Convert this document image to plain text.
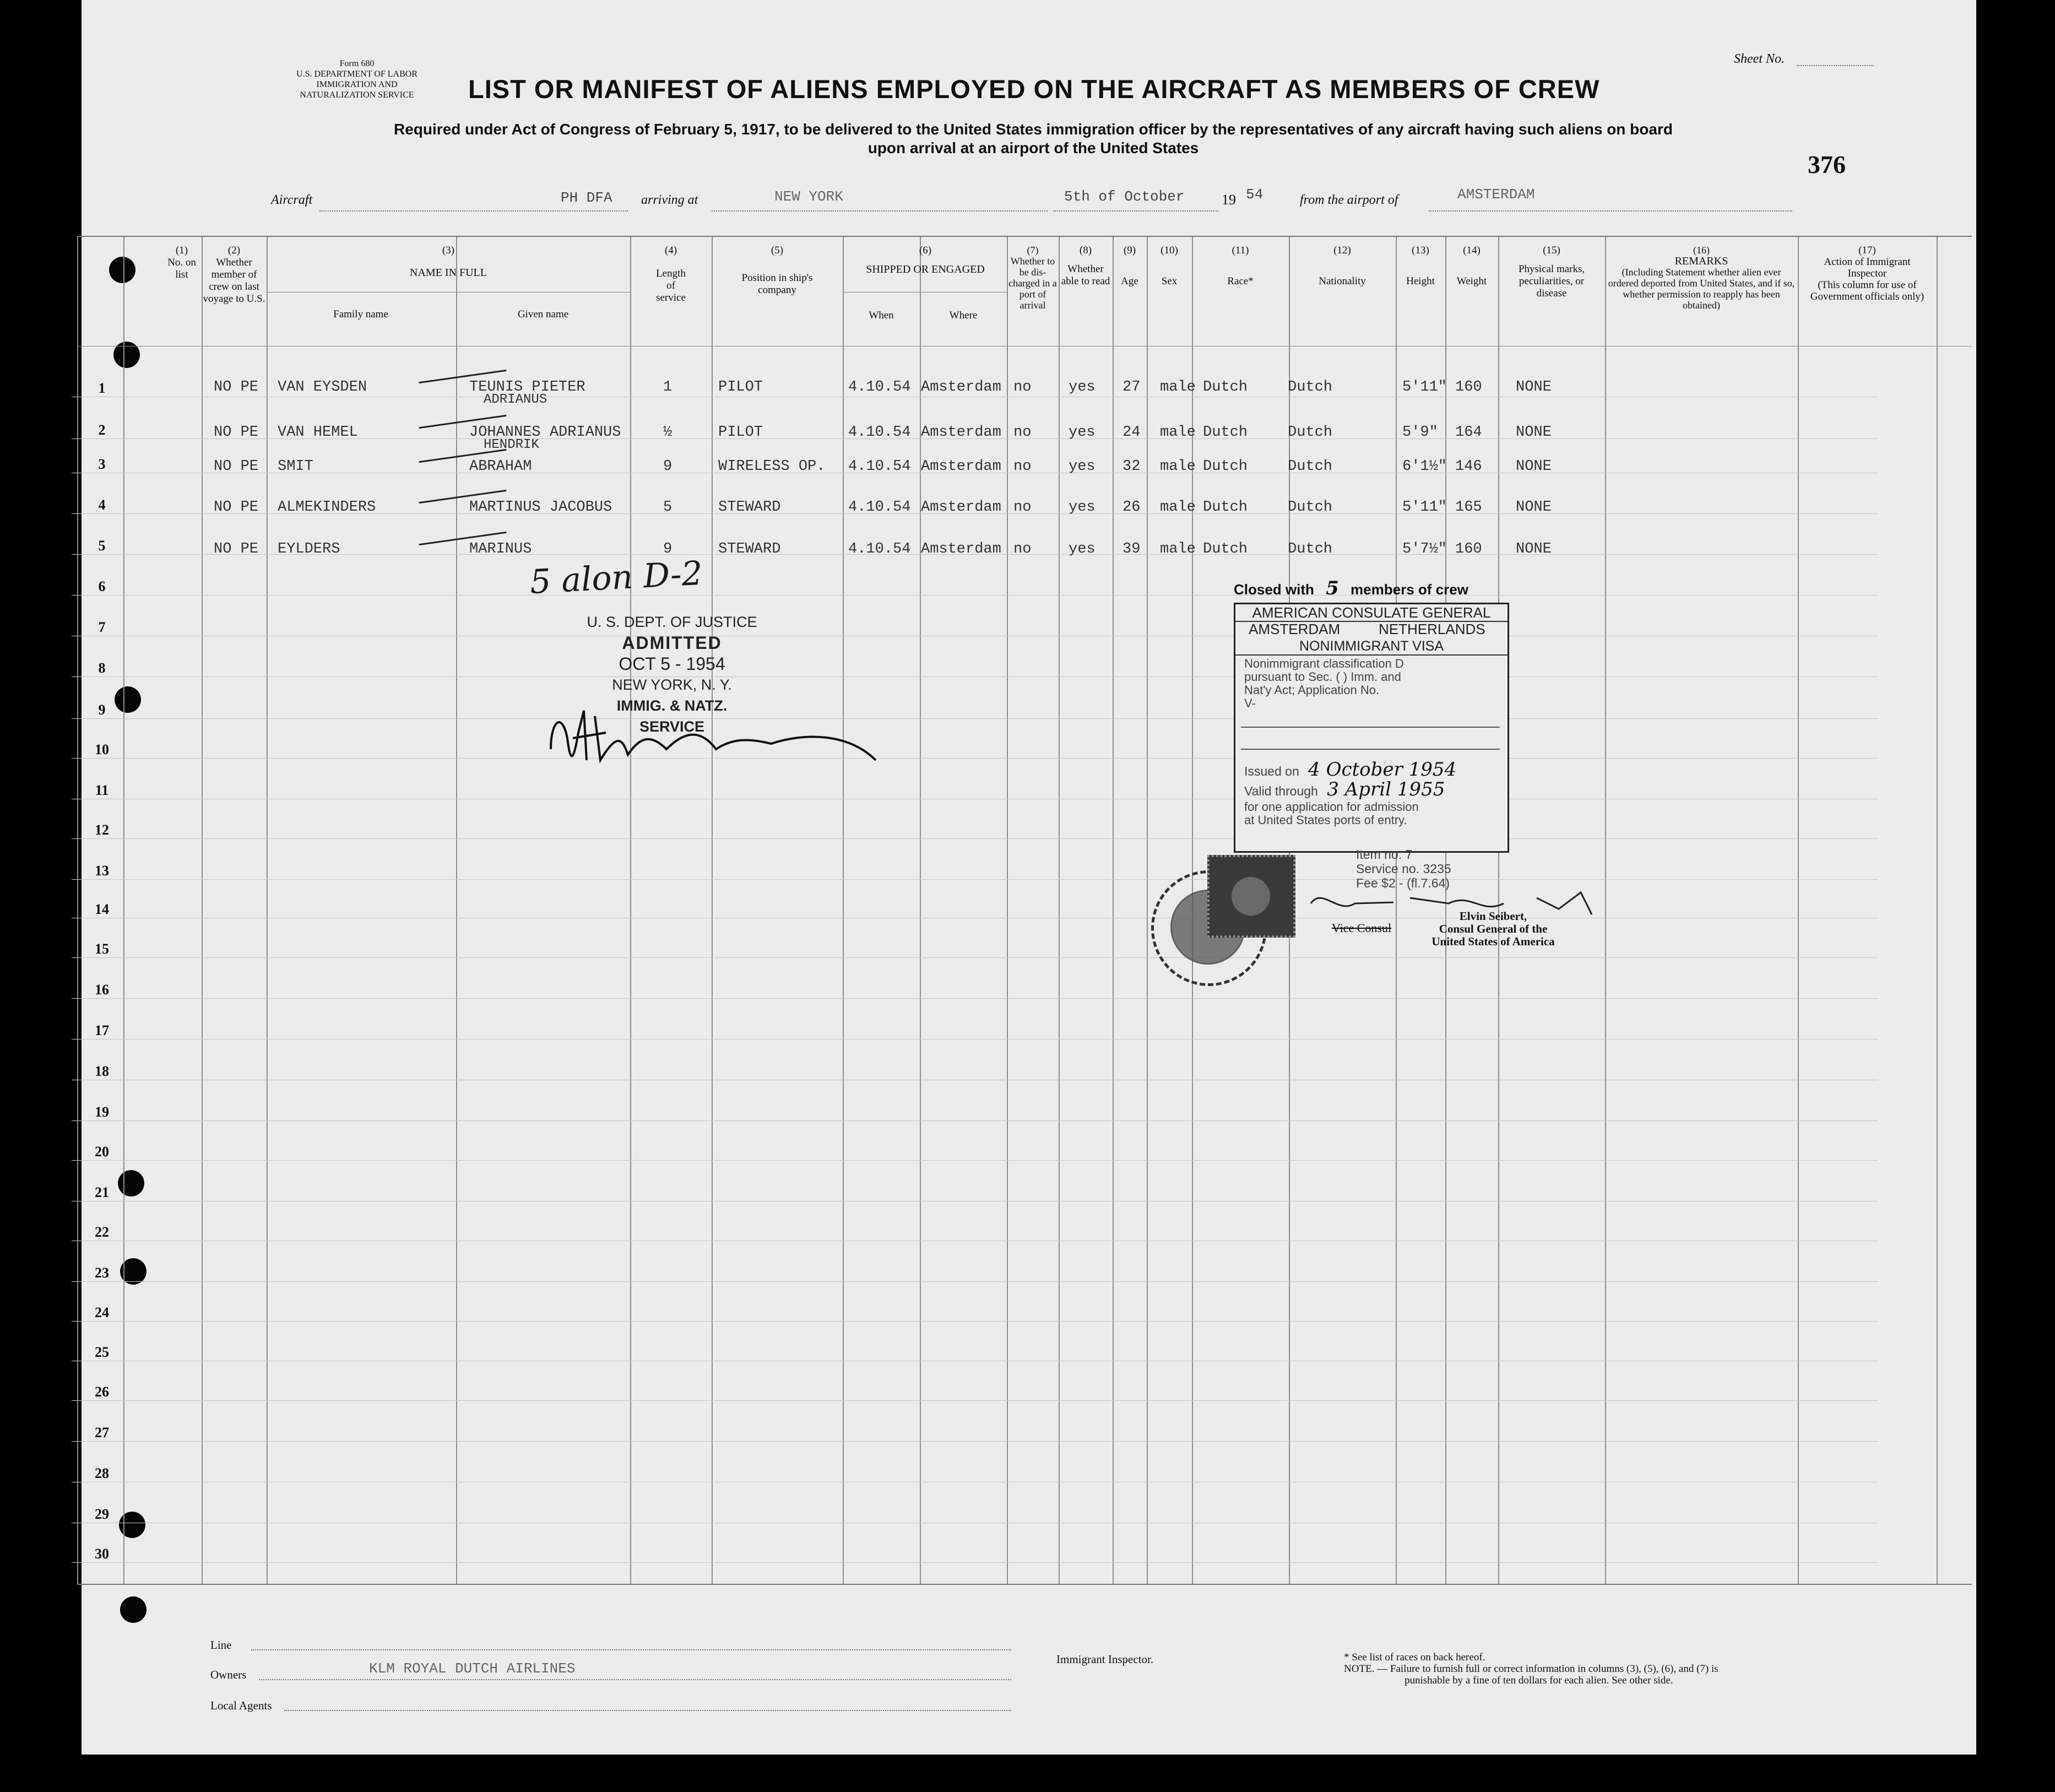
Form 680
U.S. DEPARTMENT OF LABOR
IMMIGRATION AND NATURALIZATION SERVICE
Sheet No.
LIST OR MANIFEST OF ALIENS EMPLOYED ON THE AIRCRAFT AS MEMBERS OF CREW
Required under Act of Congress of February 5, 1917, to be delivered to the United States immigration officer by the representatives of any aircraft having such aliens on board
upon arrival at an airport of the United States
376
Aircraft	PH DFA arriving at	NEW YORK	5th of October	19 54	from the airport of	AMSTERDAM
(1)
No. on list
(2)
Whether member of crew on last voyage to U.S.
(3)
NAME IN FULL
Family name	Given name
(4)
Length of service
(5)
Position in ship's company
(6)
SHIPPED OR ENGAGED
When	Where
(7)
Whether to be dis-charged in a port of arrival
(8)
Whether able to read
(9)
Age
(10)
Sex
(11)
Race*
(12)
Nationality
(13)
Height
(14)
Weight
(15)
Physical marks, peculiarities, or disease
(16)
REMARKS
(Including Statement whether alien ever ordered deported from United States, and if so, whether permission to reapply has been obtained)
(17)
Action of Immigrant Inspector
(This column for use of Government officials only)
1
2
3
4
5
6
7
8
9
10
11
12
13
14
15
16
17
18
19
20
21
22
23
24
25
26
27
28
29
30
NO PE VAN EYSDEN	TEUNIS PIETER	1	PILOT	4.10.54 Amsterdam no	yes 27 male Dutch	Dutch	5'11" 160 NONE
ADRIANUS
NO PE VAN HEMEL	JOHANNES ADRIANUS	½	PILOT	4.10.54 Amsterdam no	yes 24 male Dutch	Dutch	5'9" 164 NONE
HENDRIK
NO PE SMIT	ABRAHAM	9	WIRELESS OP. 4.10.54 Amsterdam no	yes 32 male Dutch	Dutch	6'1½" 146 NONE
NO PE ALMEKINDERS	MARTINUS JACOBUS	5	STEWARD	4.10.54 Amsterdam no	yes 26 male Dutch	Dutch	5'11" 165 NONE
NO PE EYLDERS	MARINUS	9	STEWARD	4.10.54 Amsterdam no	yes 39 male Dutch	Dutch	5'7½" 160 NONE
5 alon D-2	Closed with 5 members of crew
U. S. DEPT. OF JUSTICE
ADMITTED
OCT 5 - 1954
NEW YORK, N. Y.
IMMIG. & NATZ. SERVICE
AMERICAN CONSULATE GENERAL
AMSTERDAM	NETHERLANDS
NONIMMIGRANT VISA
Nonimmigrant classification D
pursuant to Sec. ( ) Imm. and
Nat'y Act; Application No.
V-
Issued on 4 October 1954
Valid through 3 April 1955
for one application for admission
at United States ports of entry.
Item no. 7
Service no. 3235
Fee $2 - (fl.7.64)
Vice Consul
Elvin Seibert,
Consul General of the
United States of America
Line
Owners	KLM ROYAL DUTCH AIRLINES
Local Agents
Immigrant Inspector.	* See list of races on back hereof.
NOTE. — Failure to furnish full or correct information in columns (3), (5), (6), and (7) is
punishable by a fine of ten dollars for each alien. See other side.
